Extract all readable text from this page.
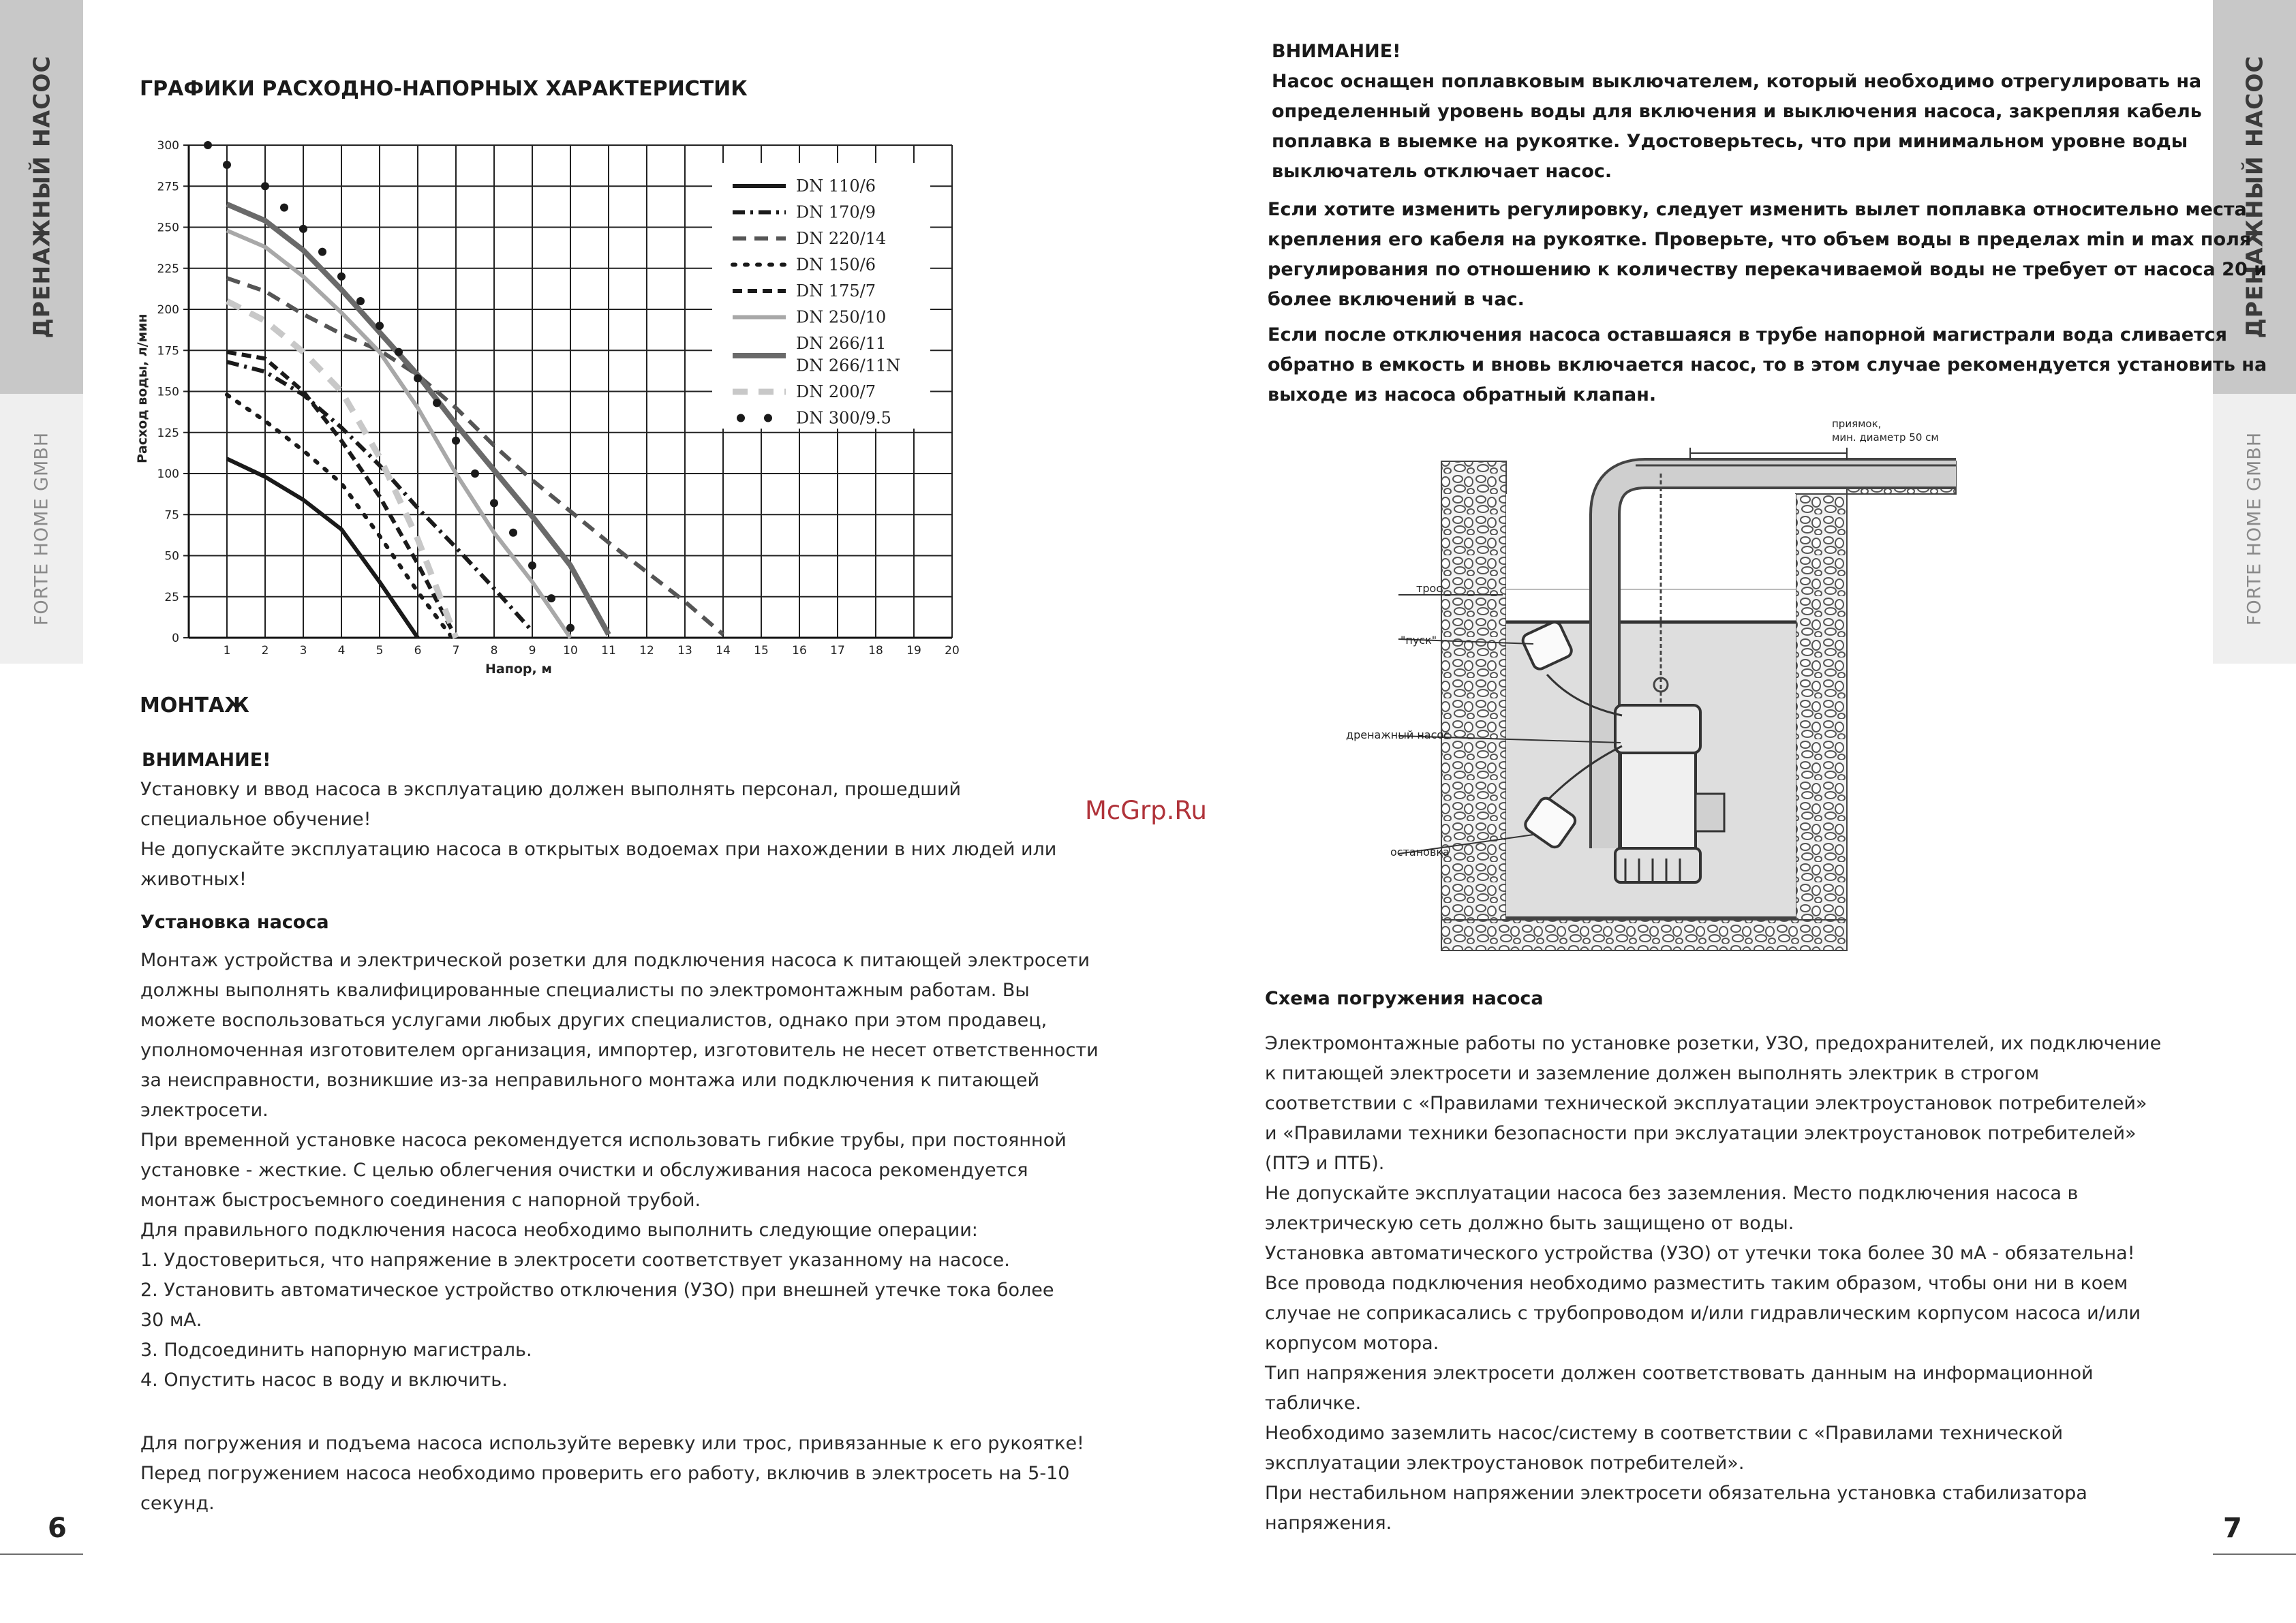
ДРЕНАЖНЫЙ НАСОС
FORTE HOME GMBH
ДРЕНАЖНЫЙ НАСОС
FORTE HOME GMBH
ГРАФИКИ РАСХОДНО-НАПОРНЫХ ХАРАКТЕРИСТИК
1	2	3	4	5	6	7	8	9 10 11 12 13 14 15 16 17 18 19 20
0
25
50
75
100
125
150
175
200
225
250
275
300
DN 110/6
DN 170/9
DN 220/14
DN 150/6
DN 175/7
DN 250/10
DN 266/11
DN 266/11N
DN 200/7
DN 300/9.5
Напор, м
Расход воды, л/мин
МОНТАЖ
ВНИМАНИЕ!

Установку и ввод насоса в эксплуатацию должен выполнять персонал, прошедший

специальное обучение!

Не допускайте эксплуатацию насоса в открытых водоемах при нахождении в них людей или

животных!

Установка насоса

Монтаж устройства и электрической розетки для подключения насоса к питающей электросети

должны выполнять квалифицированные специалисты по электромонтажным работам. Вы

можете воспользоваться услугами любых других специалистов, однако при этом продавец,

уполномоченная изготовителем организация, импортер, изготовитель не несет ответственности

за неисправности, возникшие из-за неправильного монтажа или подключения к питающей

электросети.

При временной установке насоса рекомендуется использовать гибкие трубы, при постоянной

установке - жесткие. С целью облегчения очистки и обслуживания насоса рекомендуется

монтаж быстросъемного соединения с напорной трубой.

Для правильного подключения насоса необходимо выполнить следующие операции:

1. Удостовериться, что напряжение в электросети соответствует указанному на насосе.

2. Установить автоматическое устройство отключения (УЗО) при внешней утечке тока более

30 мА.

3. Подсоединить напорную магистраль.

4. Опустить насос в воду и включить.

Для погружения и подъема насоса используйте веревку или трос, привязанные к его рукоятке!

Перед погружением насоса необходимо проверить его работу, включив в электросеть на 5-10

секунд.

6
McGrp.Ru
ВНИМАНИЕ!

Насос оснащен поплавковым выключателем, который необходимо отрегулировать на

определенный уровень воды для включения и выключения насоса, закрепляя кабель

поплавка в выемке на рукоятке. Удостоверьтесь, что при минимальном уровне воды

выключатель отключает насос.

Если хотите изменить регулировку, следует изменить вылет поплавка относительно места

крепления его кабеля на рукоятке. Проверьте, что объем воды в пределах min и max поля

регулирования по отношению к количеству перекачиваемой воды не требует от насоса 20 и

более включений в час.

Если после отключения насоса оставшаяся в трубе напорной магистрали вода сливается

обратно в емкость и вновь включается насос, то в этом случае рекомендуется установить на

выходе из насоса обратный клапан.

приямок,
мин. диаметр 50 см
трос
"пуск"
дренажный насос
остановка
Схема погружения насоса

Электромонтажные работы по установке розетки, УЗО, предохранителей, их подключение

к питающей электросети и заземление должен выполнять электрик в строгом

соответствии с «Правилами технической эксплуатации электроустановок потребителей»

и «Правилами техники безопасности при экслуатации электроустановок потребителей»

(ПТЭ и ПТБ).

Не допускайте эксплуатации насоса без заземления. Место подключения насоса в

электрическую сеть должно быть защищено от воды.

Установка автоматического устройства (УЗО) от утечки тока более 30 мА - обязательна!

Все провода подключения необходимо разместить таким образом, чтобы они ни в коем

случае не соприкасались с трубопроводом и/или гидравлическим корпусом насоса и/или

корпусом мотора.

Тип напряжения электросети должен соответствовать данным на информационной

табличке.

Необходимо заземлить насос/систему в соответствии с «Правилами технической

эксплуатации электроустановок потребителей».

При нестабильном напряжении электросети обязательна установка стабилизатора

напряжения.	7
